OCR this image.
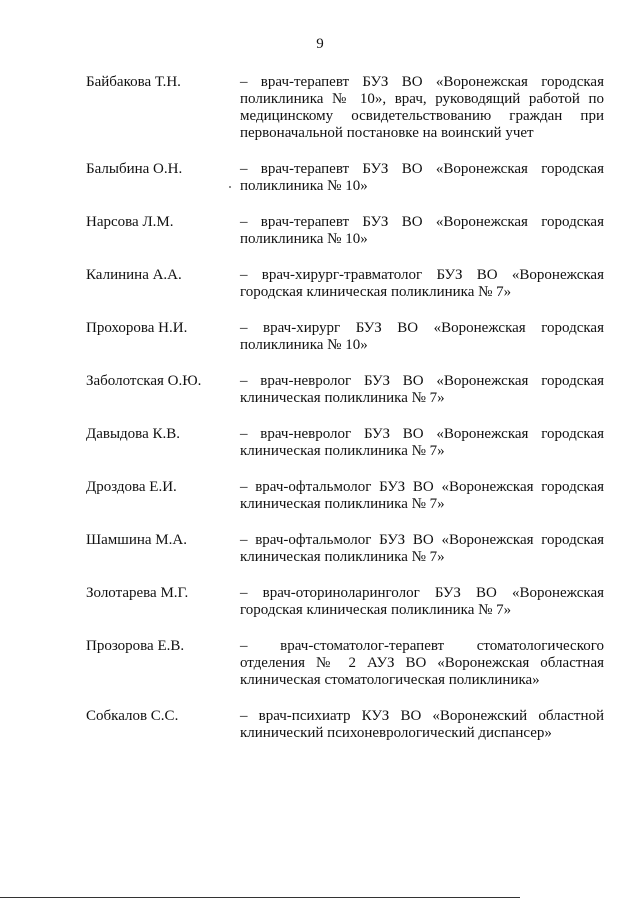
9
Байбакова Т.Н.	– врач-терапевт БУЗ ВО «Воронежская городская поликлиника № 10», врач, руководящий работой по медицинскому освидетельствованию граждан при первоначальной постановке на воинский учет
Балыбина О.Н.	– врач-терапевт БУЗ ВО «Воронежская городская поликлиника № 10»
Нарсова Л.М.	– врач-терапевт БУЗ ВО «Воронежская городская поликлиника № 10»
Калинина А.А.	– врач-хирург-травматолог БУЗ ВО «Воронежская городская клиническая поликлиника № 7»
Прохорова Н.И.	– врач-хирург БУЗ ВО «Воронежская городская поликлиника № 10»
Заболотская О.Ю.	– врач-невролог БУЗ ВО «Воронежская городская клиническая поликлиника № 7»
Давыдова К.В.	– врач-невролог БУЗ ВО «Воронежская городская клиническая поликлиника № 7»
Дроздова Е.И.	– врач-офтальмолог БУЗ ВО «Воронежская городская клиническая поликлиника № 7»
Шамшина М.А.	– врач-офтальмолог БУЗ ВО «Воронежская городская клиническая поликлиника № 7»
Золотарева М.Г.	– врач-оториноларинголог БУЗ ВО «Воронежская городская клиническая поликлиника № 7»
Прозорова Е.В.	– врач-стоматолог-терапевт стоматологического отделения № 2 АУЗ ВО «Воронежская областная клиническая стоматологическая поликлиника»
Собкалов С.С.	– врач-психиатр КУЗ ВО «Воронежский областной клинический психоневрологический диспансер»
